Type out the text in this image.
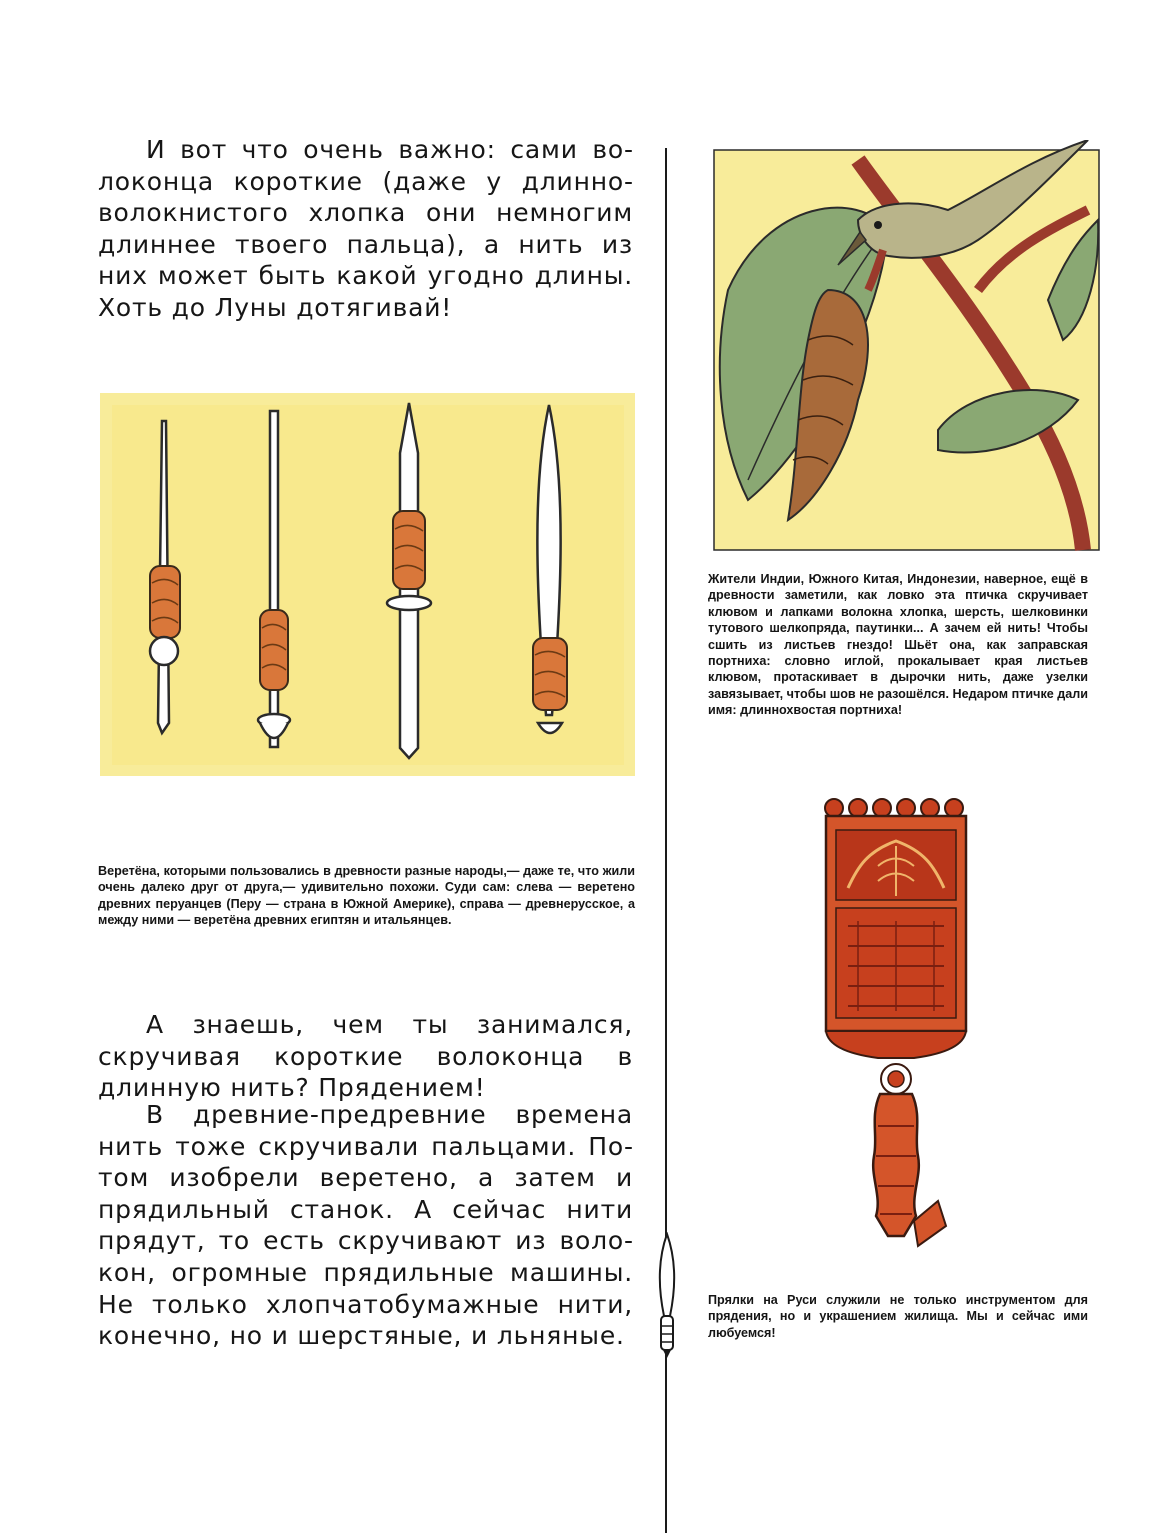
И вот что очень важно: сами волоконца короткие (даже у длинноволокнистого хлопка они немногим длиннее твоего пальца), а нить из них может быть какой угодно длины. Хоть до Луны дотягивай!

Веретёна, которыми пользовались в древности разные народы,— даже те, что жили очень далеко друг от друга,— удивительно похожи. Суди сам: слева — веретено древних перуанцев (Перу — страна в Южной Америке), справа — древнерусское, а между ними — веретёна древних египтян и итальянцев.

А знаешь, чем ты занимался, скручивая короткие волоконца в длинную нить? Прядением!

В древние-предревние времена нить тоже скручивали пальцами. Потом изобрели веретено, а затем и прядильный станок. А сейчас нити прядут, то есть скручивают из волокон, огромные прядильные машины. Не только хлопчатобумажные нити, конечно, но и шерстяные, и льняные.

Жители Индии, Южного Китая, Индонезии, наверное, ещё в древности заметили, как ловко эта птичка скручивает клювом и лапками волокна хлопка, шерсть, шелковинки тутового шелкопряда, паутинки... А зачем ей нить! Чтобы сшить из листьев гнездо! Шьёт она, как заправская портниха: словно иглой, прокалывает края листьев клювом, протаскивает в дырочки нить, даже узелки завязывает, чтобы шов не разошёлся. Недаром птичке дали имя: длиннохвостая портниха!

Прялки на Руси служили не только инструментом для прядения, но и украшением жилища. Мы и сейчас ими любуемся!
